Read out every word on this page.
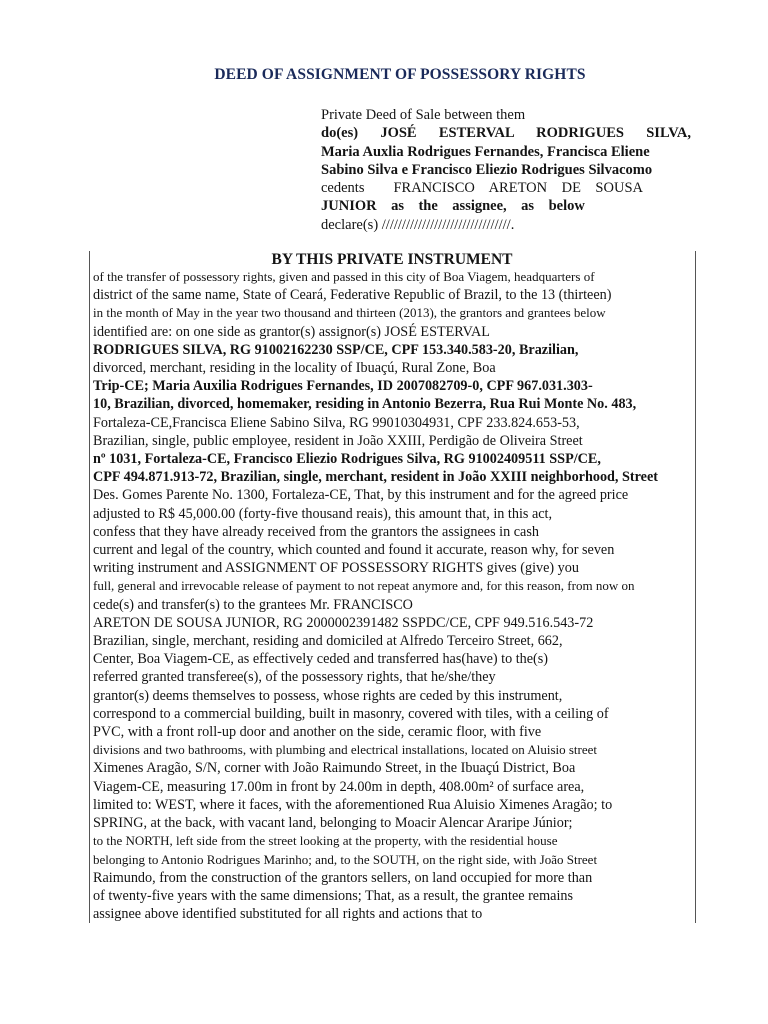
DEED OF ASSIGNMENT OF POSSESSORY RIGHTS
Private Deed of Sale between them
do(es) JOSÉ ESTERVAL RODRIGUES SILVA,
Maria Auxlia Rodrigues Fernandes, Francisca Eliene
Sabino Silva e Francisco Eliezio Rodrigues Silvacomo
cedents        FRANCISCO    ARETON    DE    SOUSA
JUNIOR    as    the    assignee,    as    below
declare(s) ////////////////////////////////.
BY THIS PRIVATE INSTRUMENT
of the transfer of possessory rights, given and passed in this city of Boa Viagem, headquarters of
district of the same name, State of Ceará, Federative Republic of Brazil, to the 13 (thirteen)
in the month of May in the year two thousand and thirteen (2013), the grantors and grantees below
identified are: on one side as grantor(s) assignor(s) JOSÉ ESTERVAL
RODRIGUES SILVA, RG 91002162230 SSP/CE, CPF 153.340.583-20, Brazilian,
divorced, merchant, residing in the locality of Ibuaçú, Rural Zone, Boa
Trip-CE; Maria Auxilia Rodrigues Fernandes, ID 2007082709-0, CPF 967.031.303-
10, Brazilian, divorced, homemaker, residing in Antonio Bezerra, Rua Rui Monte No. 483,
Fortaleza-CE,Francisca Eliene Sabino Silva, RG 99010304931, CPF 233.824.653-53,
Brazilian, single, public employee, resident in João XXIII, Perdigão de Oliveira Street
nº 1031, Fortaleza-CE, Francisco Eliezio Rodrigues Silva, RG 91002409511 SSP/CE,
CPF 494.871.913-72, Brazilian, single, merchant, resident in João XXIII neighborhood, Street
Des. Gomes Parente No. 1300, Fortaleza-CE, That, by this instrument and for the agreed price
adjusted to R$ 45,000.00 (forty-five thousand reais), this amount that, in this act,
confess that they have already received from the grantors the assignees in cash
current and legal of the country, which counted and found it accurate, reason why, for seven
writing instrument and ASSIGNMENT OF POSSESSORY RIGHTS gives (give) you
full, general and irrevocable release of payment to not repeat anymore and, for this reason, from now on
cede(s) and transfer(s) to the grantees Mr. FRANCISCO
ARETON DE SOUSA JUNIOR, RG 2000002391482 SSPDC/CE, CPF 949.516.543-72
Brazilian, single, merchant, residing and domiciled at Alfredo Terceiro Street, 662,
Center, Boa Viagem-CE, as effectively ceded and transferred has(have) to the(s)
referred granted transferee(s), of the possessory rights, that he/she/they
grantor(s) deems themselves to possess, whose rights are ceded by this instrument,
correspond to a commercial building, built in masonry, covered with tiles, with a ceiling of
PVC, with a front roll-up door and another on the side, ceramic floor, with five
divisions and two bathrooms, with plumbing and electrical installations, located on Aluisio street
Ximenes Aragão, S/N, corner with João Raimundo Street, in the Ibuaçú District, Boa
Viagem-CE, measuring 17.00m in front by 24.00m in depth, 408.00m² of surface area,
limited to: WEST, where it faces, with the aforementioned Rua Aluisio Ximenes Aragão; to
SPRING, at the back, with vacant land, belonging to Moacir Alencar Araripe Júnior;
to the NORTH, left side from the street looking at the property, with the residential house
belonging to Antonio Rodrigues Marinho; and, to the SOUTH, on the right side, with João Street
Raimundo, from the construction of the grantors sellers, on land occupied for more than
of twenty-five years with the same dimensions; That, as a result, the grantee remains
assignee above identified substituted for all rights and actions that to
